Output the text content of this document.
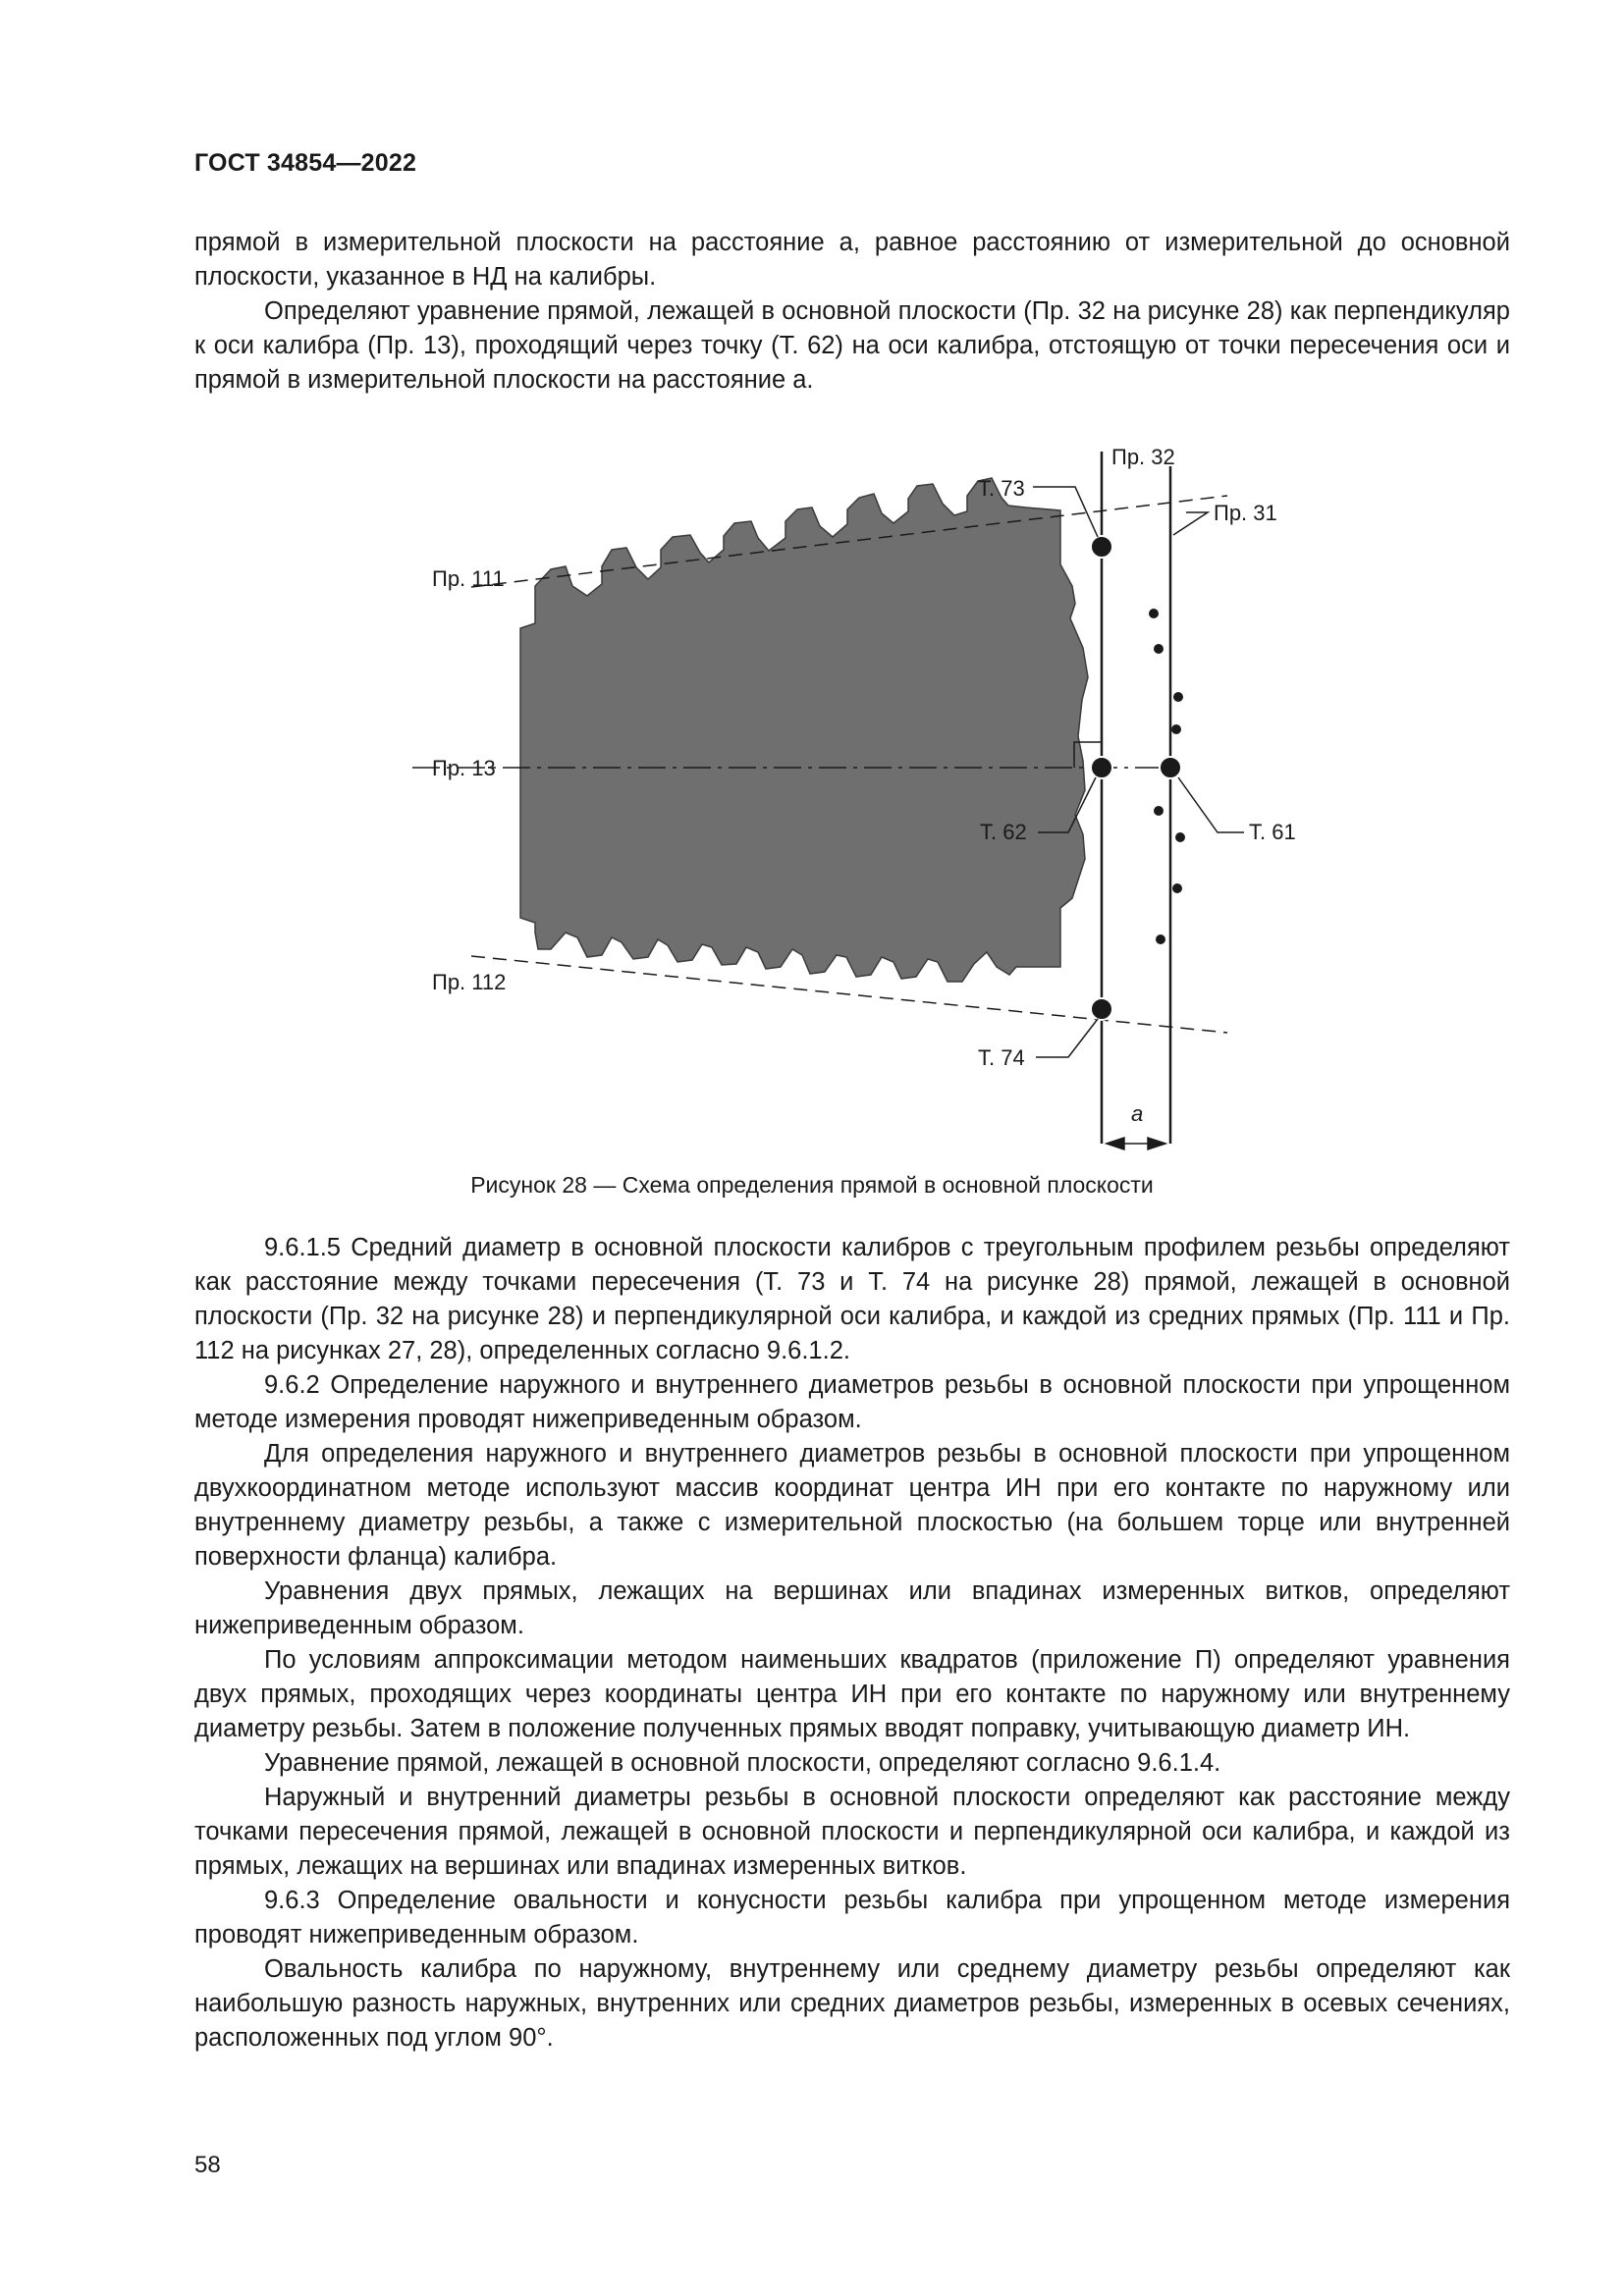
ГОСТ 34854—2022

прямой в измерительной плоскости на расстояние а, равное расстоянию от измерительной до основной плоскости, указанное в НД на калибры.

Определяют уравнение прямой, лежащей в основной плоскости (Пр. 32 на рисунке 28) как перпендикуляр к оси калибра (Пр. 13), проходящий через точку (Т. 62) на оси калибра, отстоящую от точки пересечения оси и прямой в измерительной плоскости на расстояние а.

Пр. 32
Пр. 31
Т. 73
Пр. 111
Пр. 13
Т. 62	Т. 61
Пр. 112
Т. 74
а
Рисунок 28 — Схема определения прямой в основной плоскости

9.6.1.5 Средний диаметр в основной плоскости калибров с треугольным профилем резьбы определяют как расстояние между точками пересечения (Т. 73 и Т. 74 на рисунке 28) прямой, лежащей в основной плоскости (Пр. 32 на рисунке 28) и перпендикулярной оси калибра, и каждой из средних прямых (Пр. 111 и Пр. 112 на рисунках 27, 28), определенных согласно 9.6.1.2.

9.6.2 Определение наружного и внутреннего диаметров резьбы в основной плоскости при упрощенном методе измерения проводят нижеприведенным образом.

Для определения наружного и внутреннего диаметров резьбы в основной плоскости при упрощенном двухкоординатном методе используют массив координат центра ИН при его контакте по наружному или внутреннему диаметру резьбы, а также с измерительной плоскостью (на большем торце или внутренней поверхности фланца) калибра.

Уравнения двух прямых, лежащих на вершинах или впадинах измеренных витков, определяют нижеприведенным образом.

По условиям аппроксимации методом наименьших квадратов (приложение П) определяют уравнения двух прямых, проходящих через координаты центра ИН при его контакте по наружному или внутреннему диаметру резьбы. Затем в положение полученных прямых вводят поправку, учитывающую диаметр ИН.

Уравнение прямой, лежащей в основной плоскости, определяют согласно 9.6.1.4.

Наружный и внутренний диаметры резьбы в основной плоскости определяют как расстояние между точками пересечения прямой, лежащей в основной плоскости и перпендикулярной оси калибра, и каждой из прямых, лежащих на вершинах или впадинах измеренных витков.

9.6.3 Определение овальности и конусности резьбы калибра при упрощенном методе измерения проводят нижеприведенным образом.

Овальность калибра по наружному, внутреннему или среднему диаметру резьбы определяют как наибольшую разность наружных, внутренних или средних диаметров резьбы, измеренных в осевых сечениях, расположенных под углом 90°.

58
